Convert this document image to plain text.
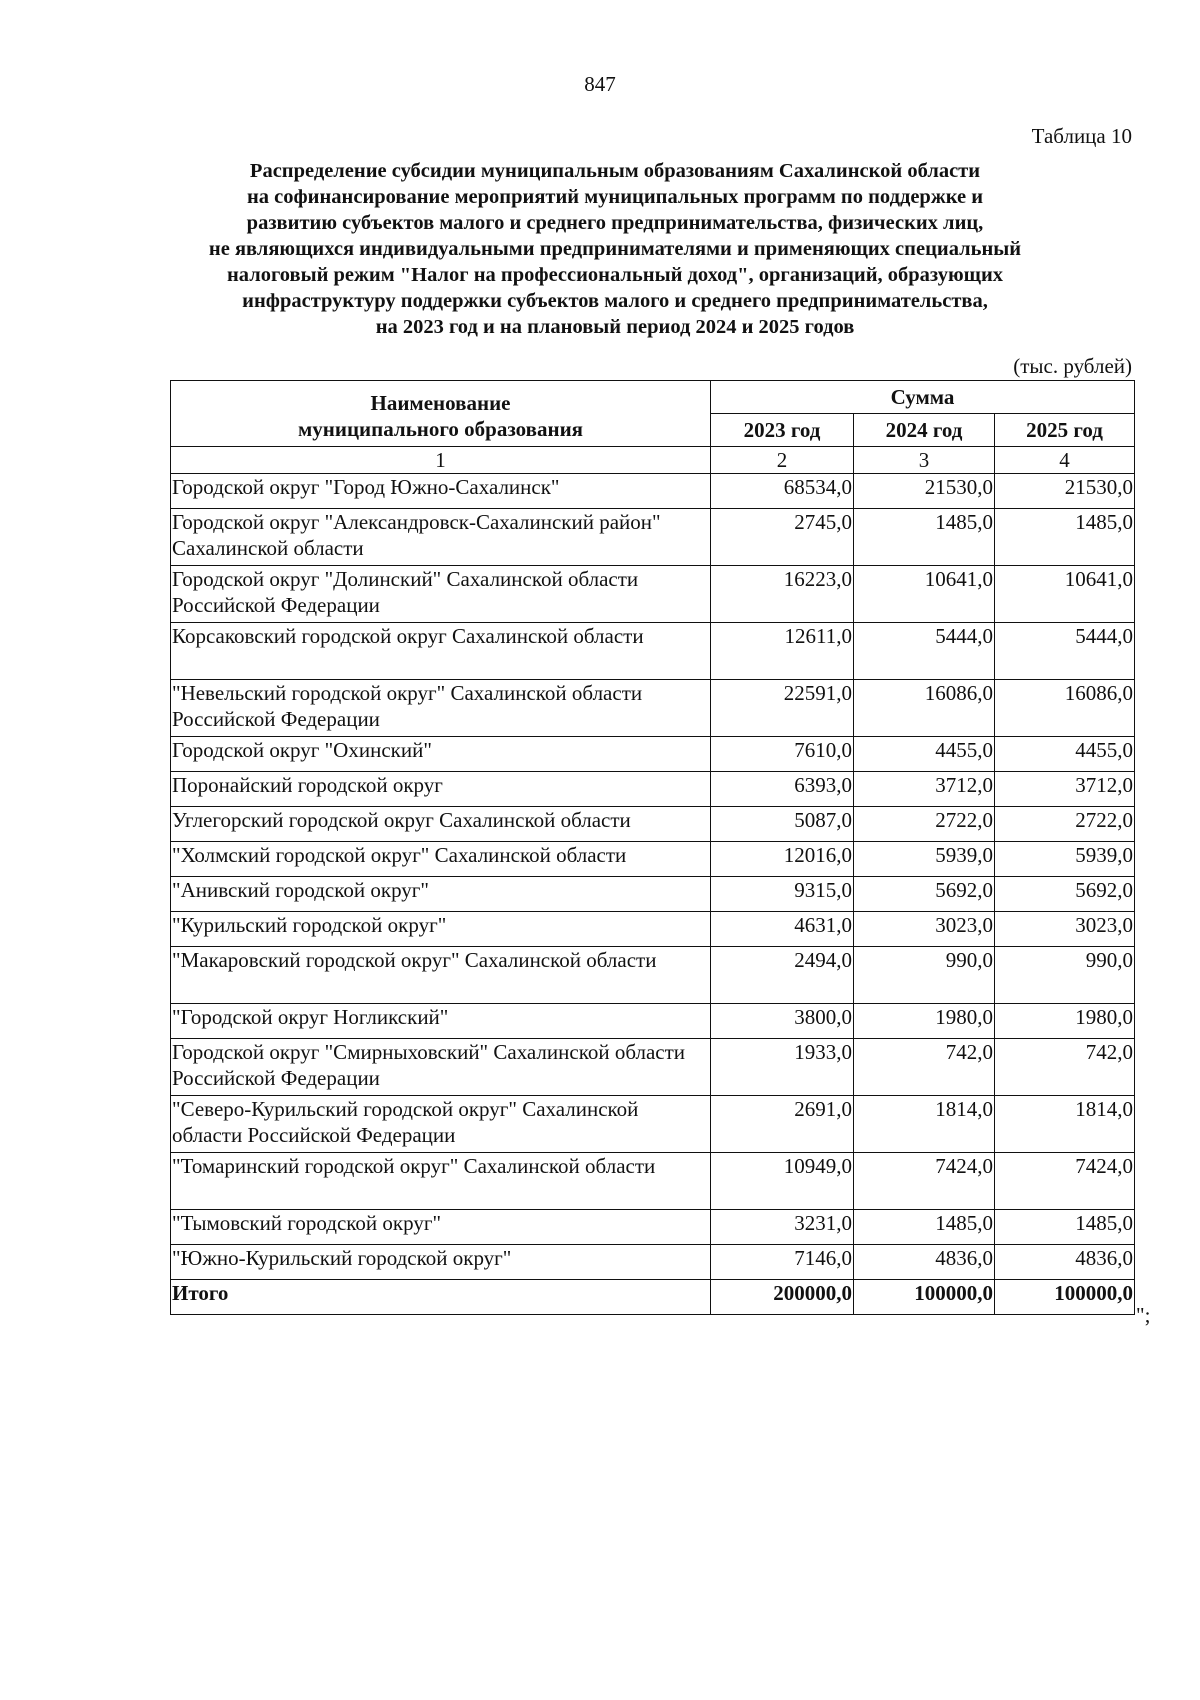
847
Таблица 10
Распределение субсидии муниципальным образованиям Сахалинской области
на софинансирование мероприятий муниципальных программ по поддержке и
развитию субъектов малого и среднего предпринимательства, физических лиц,
не являющихся индивидуальными предпринимателями и применяющих специальный
налоговый режим "Налог на профессиональный доход", организаций, образующих
инфраструктуру поддержки субъектов малого и среднего предпринимательства,
на 2023 год и на плановый период 2024 и 2025 годов
(тыс. рублей)
Наименование
муниципального образования	Сумма		
	2023 год	2024 год	2025 год
1	2	3	4
Городской округ "Город Южно-Сахалинск"	68534,0	21530,0	21530,0
Городской округ "Александровск-Сахалинский район" Сахалинской области	2745,0	1485,0	1485,0
Городской округ "Долинский" Сахалинской области Российской Федерации	16223,0	10641,0	10641,0
Корсаковский городской округ Сахалинской области	12611,0	5444,0	5444,0
"Невельский городской округ" Сахалинской области Российской Федерации	22591,0	16086,0	16086,0
Городской округ "Охинский"	7610,0	4455,0	4455,0
Поронайский городской округ	6393,0	3712,0	3712,0
Углегорский городской округ Сахалинской области	5087,0	2722,0	2722,0
"Холмский городской округ" Сахалинской области	12016,0	5939,0	5939,0
"Анивский городской округ"	9315,0	5692,0	5692,0
"Курильский городской округ"	4631,0	3023,0	3023,0
"Макаровский городской округ" Сахалинской области	2494,0	990,0	990,0
"Городской округ Ногликский"	3800,0	1980,0	1980,0
Городской округ "Смирныховский" Сахалинской области Российской Федерации	1933,0	742,0	742,0
"Северо-Курильский городской округ" Сахалинской области Российской Федерации	2691,0	1814,0	1814,0
"Томаринский городской округ" Сахалинской области	10949,0	7424,0	7424,0
"Тымовский городской округ"	3231,0	1485,0	1485,0
"Южно-Курильский городской округ"	7146,0	4836,0	4836,0
Итого	200000,0	100000,0	100000,0
";
